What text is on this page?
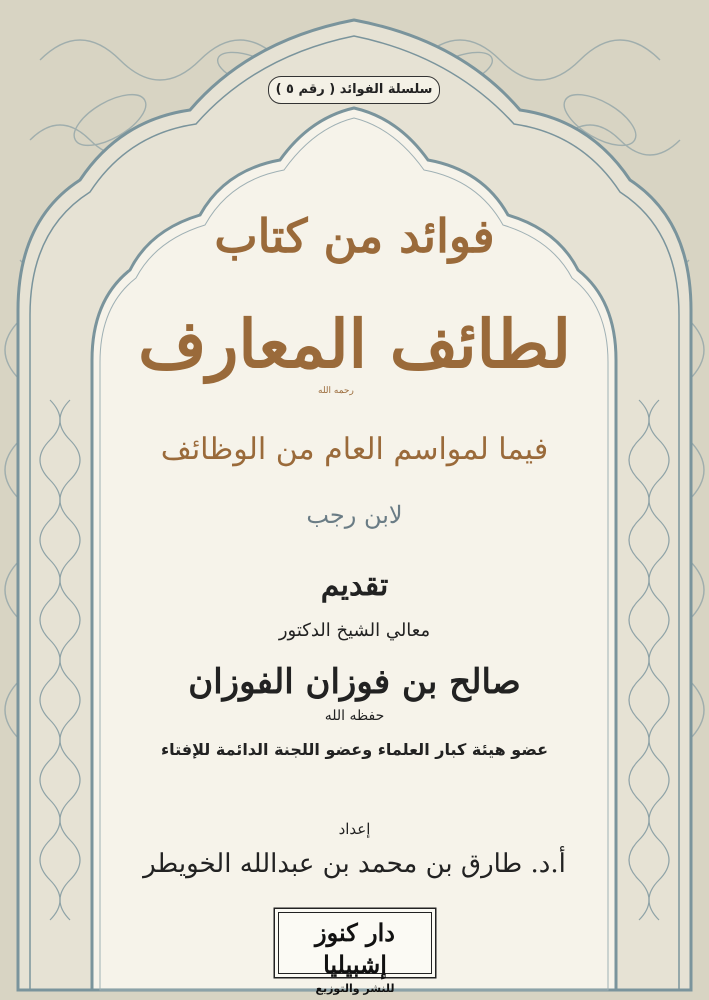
سلسلة الفوائد ( رقم ٥ )
فوائد من كتاب
لطائف المعارف
رحمه الله
فيما لمواسم العام من الوظائف
لابن رجب
تقديم
معالي الشيخ الدكتور
صالح بن فوزان الفوزان
حفظه الله
عضو هيئة كبار العلماء وعضو اللجنة الدائمة للإفتاء
إعداد
أ.د. طارق بن محمد بن عبدالله الخويطر
دار كنوز إشبيليا
للنشر والتوزيع
